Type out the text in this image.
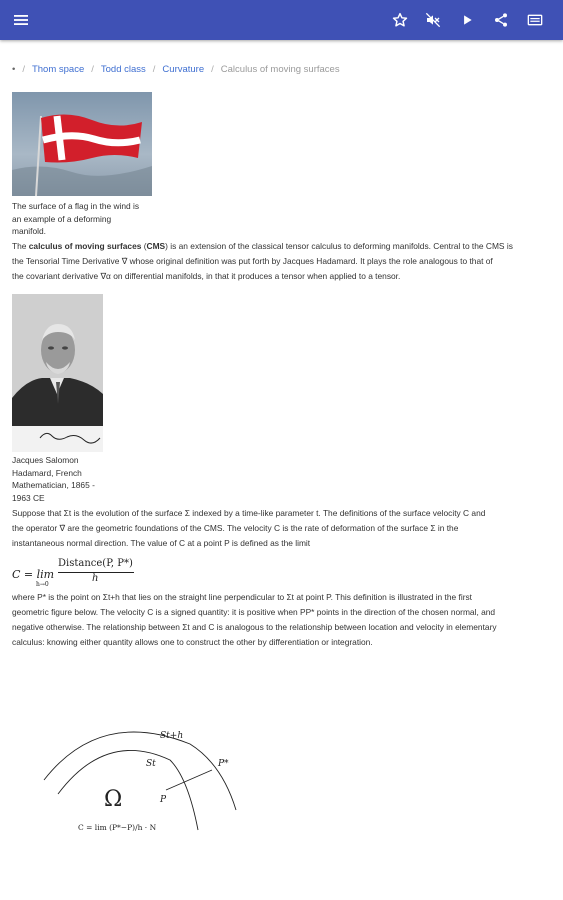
• / Thom space / Todd class / Curvature / Calculus of moving surfaces
The surface of a flag in the wind is
an example of a deforming
manifold.
The calculus of moving surfaces (CMS) is an extension of the classical tensor calculus to deforming manifolds. Central to the CMS is
the Tensorial Time Derivative ∇̇ whose original definition was put forth by Jacques Hadamard. It plays the role analogous to that of
the covariant derivative ∇α on differential manifolds, in that it produces a tensor when applied to a tensor.
Jacques Salomon
Hadamard, French
Mathematician, 1865 -
1963 CE
Suppose that Σt is the evolution of the surface Σ indexed by a time-like parameter t. The definitions of the surface velocity C and
the operator ∇̇ are the geometric foundations of the CMS. The velocity C is the rate of deformation of the surface Σ in the
instantaneous normal direction. The value of C at a point P is defined as the limit
C = lim
h→0
Distance(P, P*)
h
where P* is the point on Σt+h that lies on the straight line perpendicular to Σt at point P. This definition is illustrated in the first
geometric figure below. The velocity C is a signed quantity: it is positive when PP* points in the direction of the chosen normal, and
negative otherwise. The relationship between Σt and C is analogous to the relationship between location and velocity in elementary
calculus: knowing either quantity allows one to construct the other by differentiation or integration.
St+h
St	P*
P
Ω
C = lim (P*−P)/h · N
